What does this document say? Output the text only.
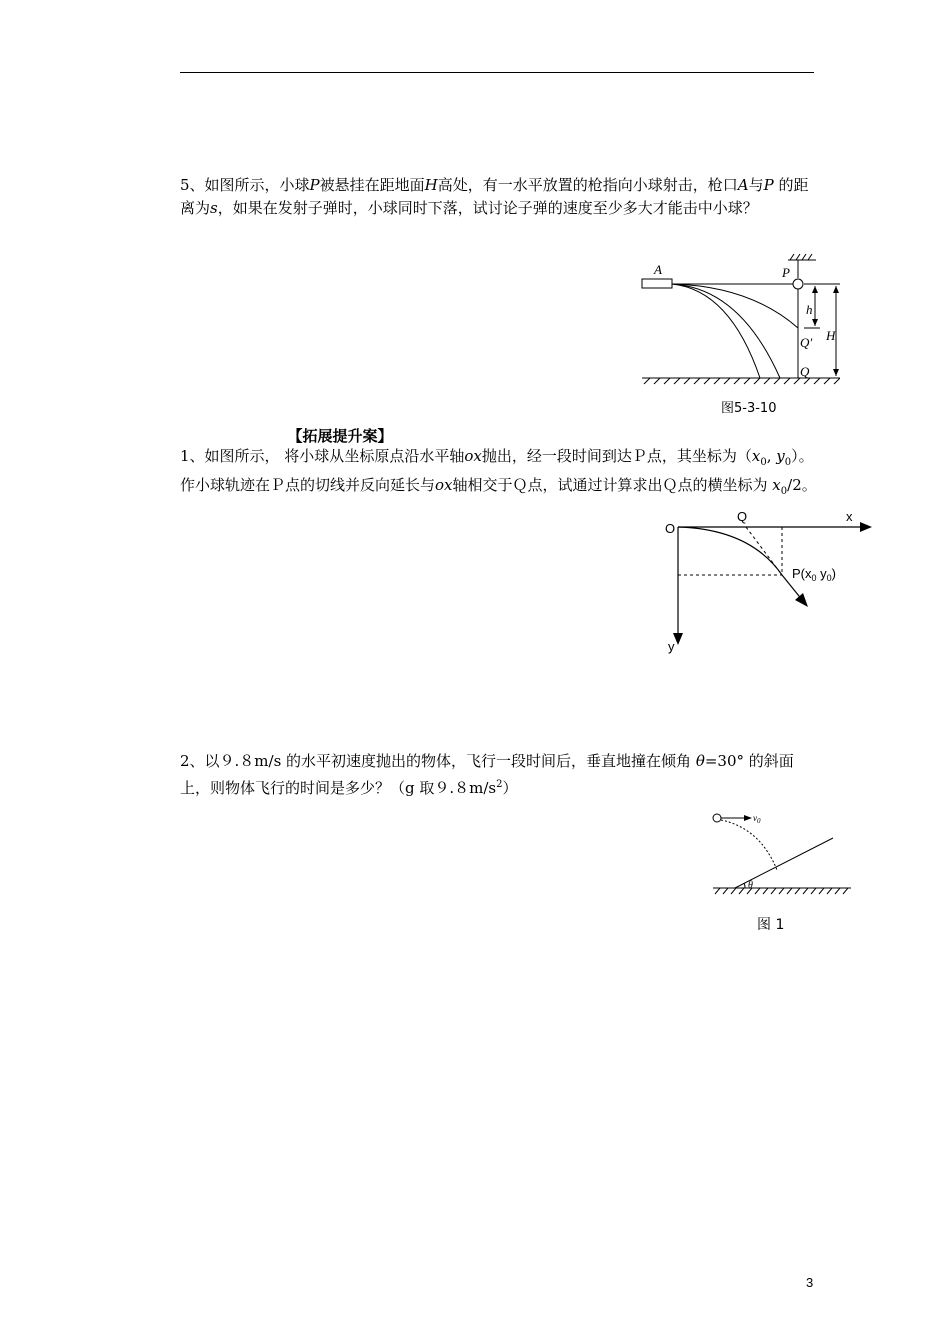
5、如图所示，小球P被悬挂在距地面H高处，有一水平放置的枪指向小球射击，枪口A与P 的距离为s，如果在发射子弹时，小球同时下落，试讨论子弹的速度至少多大才能击中小球？

A	P
h
Q′ H
Q
图5-3-10
【拓展提升案】

1、如图所示， 将小球从坐标原点沿水平轴ox抛出，经一段时间到达Ｐ点，其坐标为（$x_0$, $y_0$）。作小球轨迹在Ｐ点的切线并反向延长与ox轴相交于Ｑ点，试通过计算求出Ｑ点的横坐标为 $x_0/2$。

O
Q	x
y
$P(x_0$ $y_0$)

2、以９.８m/s 的水平初速度抛出的物体，飞行一段时间后，垂直地撞在倾角 θ=30° 的斜面上，则物体飞行的时间是多少？（g 取$9.8m/s^2$）

$v_0$
θ
图 1
3
